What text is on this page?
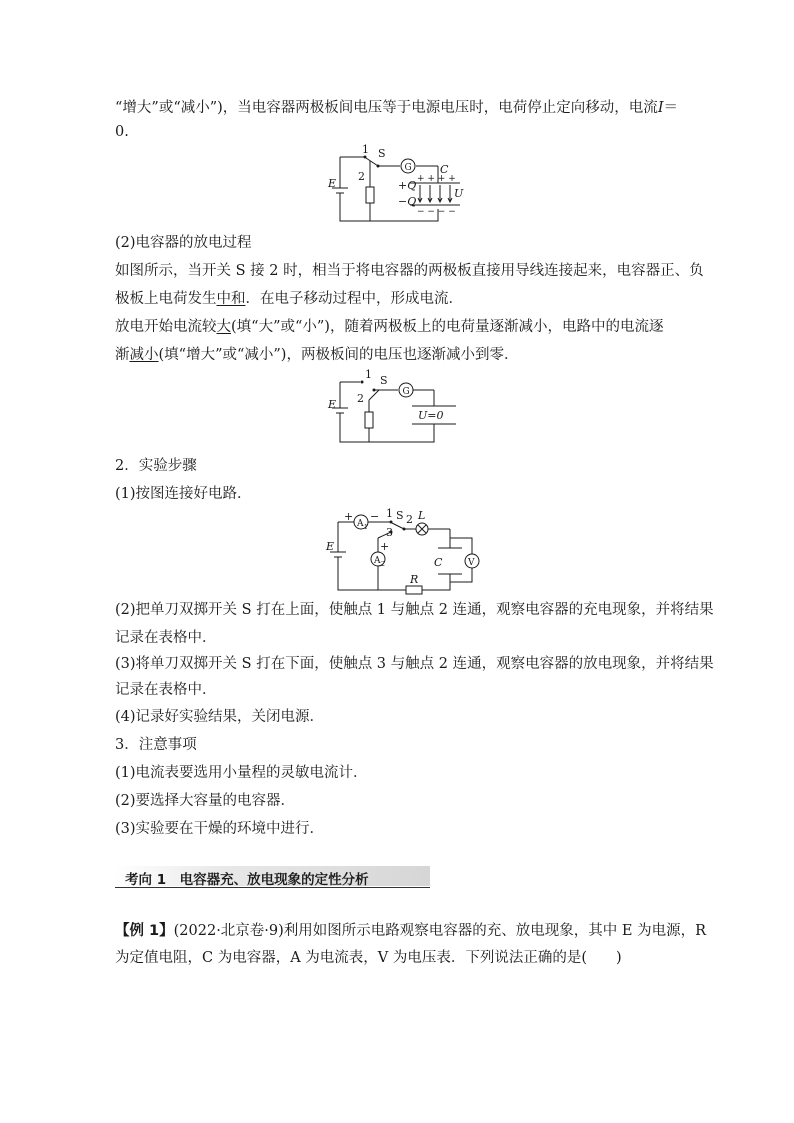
“增大”或“减小”)，当电容器两极板间电压等于电源电压时，电荷停止定向移动，电流I＝
0.
E
1 S
2
G	C
+Q
−Q
U
+ + + +
− − − −
(2)电容器的放电过程
如图所示，当开关 S 接 2 时，相当于将电容器的两极板直接用导线连接起来，电容器正、负
极板上电荷发生中和．在电子移动过程中，形成电流．
放电开始电流较大(填“大”或“小”)，随着两极板上的电荷量逐渐减小，电路中的电流逐
渐减小(填“增大”或“减小”)，两极板间的电压也逐渐减小到零．
E
1 S
2	G
U=0
2．实验步骤
(1)按图连接好电路．
E
+
A 1
− 1
3
S 2 L
+
A 2	C	V
R
(2)把单刀双掷开关 S 打在上面，使触点 1 与触点 2 连通，观察电容器的充电现象，并将结果
记录在表格中．
(3)将单刀双掷开关 S 打在下面，使触点 3 与触点 2 连通，观察电容器的放电现象，并将结果
记录在表格中．
(4)记录好实验结果，关闭电源．
3．注意事项
(1)电流表要选用小量程的灵敏电流计．
(2)要选择大容量的电容器．
(3)实验要在干燥的环境中进行．
考向 1　电容器充、放电现象的定性分析
【例 1】(2022·北京卷·9)利用如图所示电路观察电容器的充、放电现象，其中 E 为电源，R
为定值电阻，C 为电容器，A 为电流表，V 为电压表．下列说法正确的是(　　)
